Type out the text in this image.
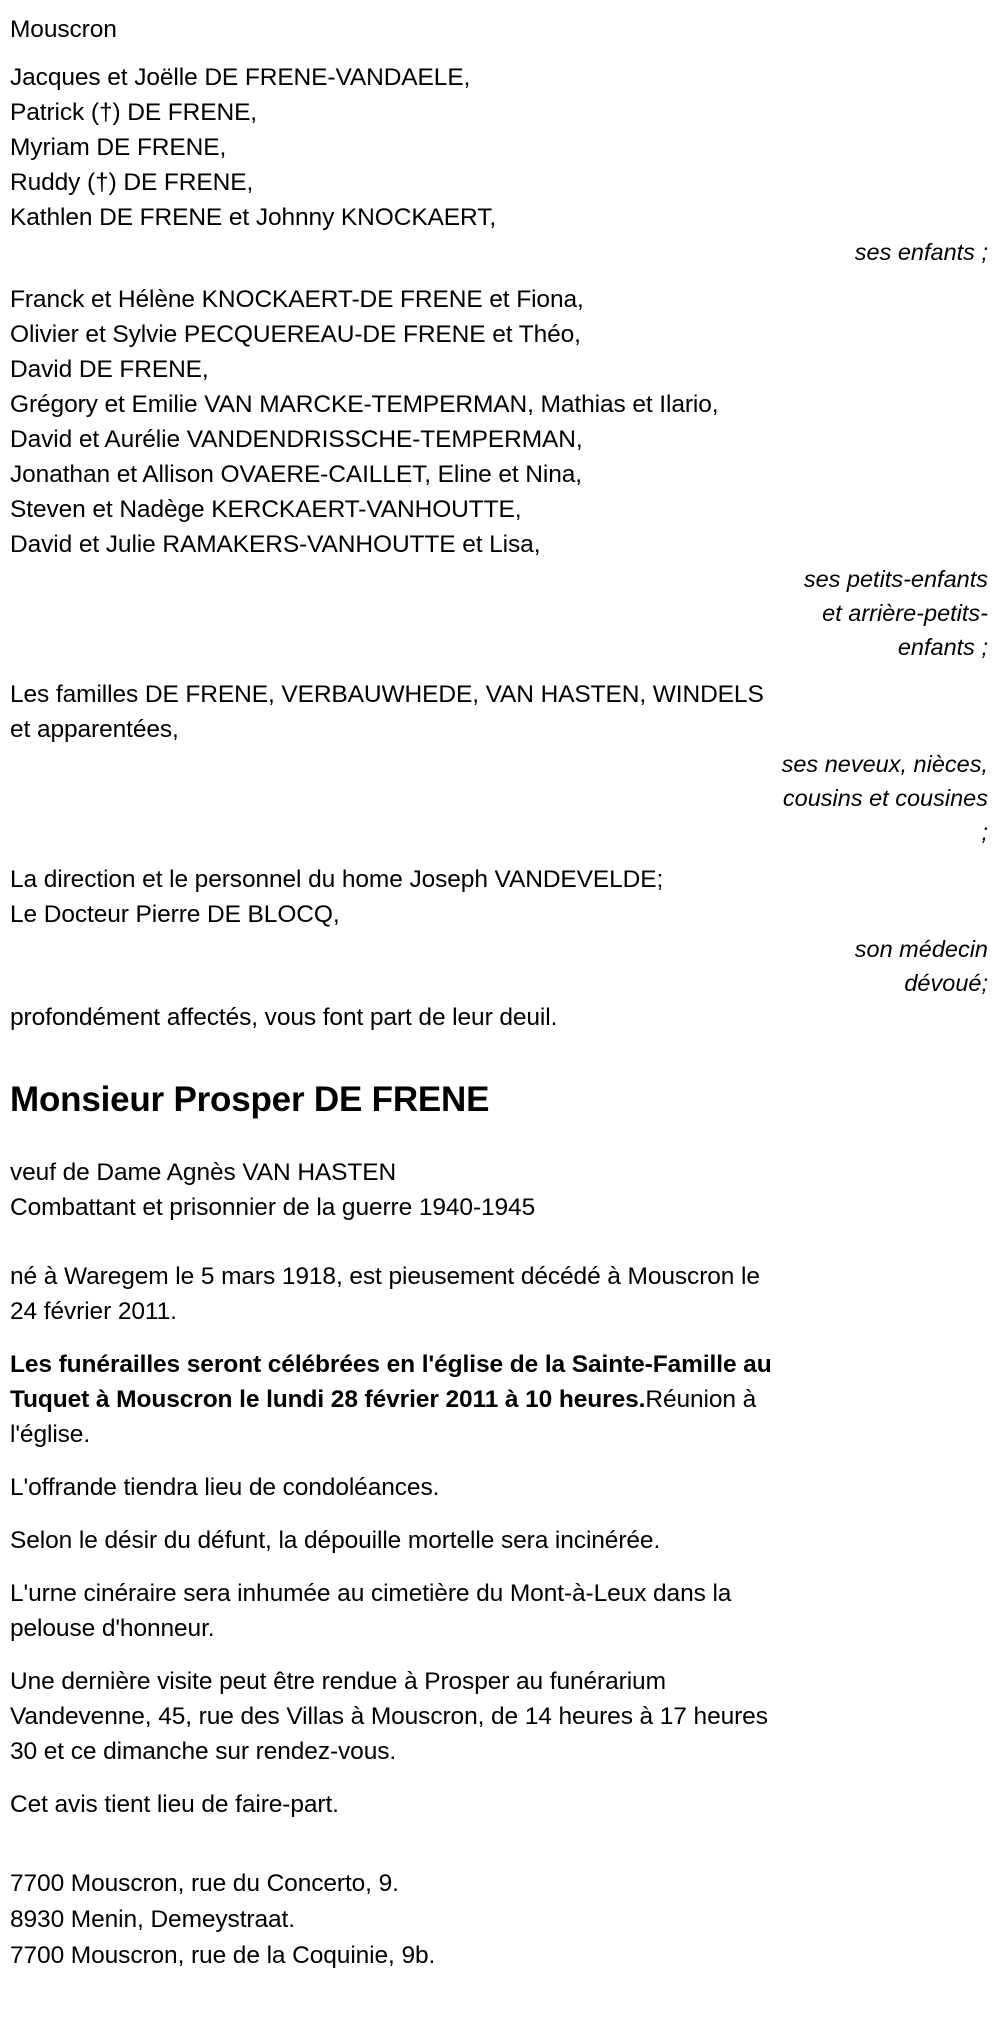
Mouscron
Jacques et Joëlle DE FRENE-VANDAELE,
Patrick (†) DE FRENE,
Myriam DE FRENE,
Ruddy (†) DE FRENE,
Kathlen DE FRENE et Johnny KNOCKAERT,
ses enfants ;
Franck et Hélène KNOCKAERT-DE FRENE et Fiona,
Olivier et Sylvie PECQUEREAU-DE FRENE et Théo,
David DE FRENE,
Grégory et Emilie VAN MARCKE-TEMPERMAN, Mathias et Ilario,
David et Aurélie VANDENDRISSCHE-TEMPERMAN,
Jonathan et Allison OVAERE-CAILLET, Eline et Nina,
Steven et Nadège KERCKAERT-VANHOUTTE,
David et Julie RAMAKERS-VANHOUTTE et Lisa,
ses petits-enfants
et arrière-petits-
enfants ;
Les familles DE FRENE, VERBAUWHEDE, VAN HASTEN, WINDELS
et apparentées,
ses neveux, nièces,
cousins et cousines
;
La direction et le personnel du home Joseph VANDEVELDE;
Le Docteur Pierre DE BLOCQ,
son médecin
dévoué;
profondément affectés, vous font part de leur deuil.
Monsieur Prosper DE FRENE
veuf de Dame Agnès VAN HASTEN
Combattant et prisonnier de la guerre 1940-1945

né à Waregem le 5 mars 1918, est pieusement décédé à Mouscron le 24 février 2011.

Les funérailles seront célébrées en l'église de la Sainte-Famille au Tuquet à Mouscron le lundi 28 février 2011 à 10 heures.Réunion à l'église.

L'offrande tiendra lieu de condoléances.

Selon le désir du défunt, la dépouille mortelle sera incinérée.

L'urne cinéraire sera inhumée au cimetière du Mont-à-Leux dans la pelouse d'honneur.

Une dernière visite peut être rendue à Prosper au funérarium Vandevenne, 45, rue des Villas à Mouscron, de 14 heures à 17 heures 30 et ce dimanche sur rendez-vous.

Cet avis tient lieu de faire-part.

7700 Mouscron, rue du Concerto, 9.
8930 Menin, Demeystraat.
7700 Mouscron, rue de la Coquinie, 9b.
